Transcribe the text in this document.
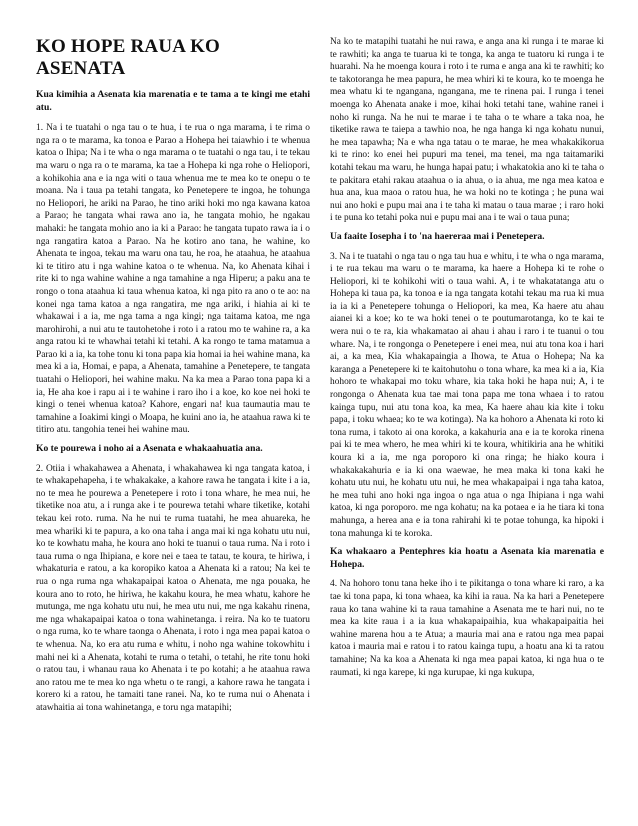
KO HOPE RAUA KO ASENATA
Kua kimihia a Asenata kia marenatia e te tama a te kingi me etahi atu.

1. Na i te tuatahi o nga tau o te hua, i te rua o nga marama, i te rima o nga ra o te marama, ka tonoa e Parao a Hohepa hei taiawhio i te whenua katoa o Ihipa; Na i te wha o nga marama o te tuatahi o nga tau, i te tekau ma waru o nga ra o te marama, ka tae a Hohepa ki nga rohe o Heliopori, a kohikohia ana e ia nga witi o taua whenua me te mea ko te onepu o te moana. Na i taua pa tetahi tangata, ko Penetepere te ingoa, he tohunga no Heliopori, he ariki na Parao, he tino ariki hoki mo nga kawana katoa a Parao; he tangata whai rawa ano ia, he tangata mohio, he ngakau mahaki: he tangata mohio ano ia ki a Parao: he tangata tupato rawa ia i o nga rangatira katoa a Parao. Na he kotiro ano tana, he wahine, ko Ahenata te ingoa, tekau ma waru ona tau, he roa, he ataahua, he ataahua ki te titiro atu i nga wahine katoa o te whenua. Na, ko Ahenata kihai i rite ki to nga wahine wahine a nga tamahine a nga Hiperu; a paku ana te rongo o tona ataahua ki taua whenua katoa, ki nga pito ra ano o te ao: na konei nga tama katoa a nga rangatira, me nga ariki, i hiahia ai ki te whakawai i a ia, me nga tama a nga kingi; nga taitama katoa, me nga marohirohi, a nui atu te tautohetohe i roto i a ratou mo te wahine ra, a ka anga ratou ki te whawhai tetahi ki tetahi. A ka rongo te tama matamua a Parao ki a ia, ka tohe tonu ki tona papa kia homai ia hei wahine mana, ka mea ki a ia, Homai, e papa, a Ahenata, tamahine a Penetepere, te tangata tuatahi o Heliopori, hei wahine maku. Na ka mea a Parao tona papa ki a ia, He aha koe i rapu ai i te wahine i raro iho i a koe, ko koe nei hoki te kingi o tenei whenua katoa? Kahore, engari na! kua taumautia mau te tamahine a Ioakimi kingi o Moapa, he kuini ano ia, he ataahua rawa ki te titiro atu. tangohia tenei hei wahine mau.

Ko te pourewa i noho ai a Asenata e whakaahuatia ana.

2. Otiia i whakahawea a Ahenata, i whakahawea ki nga tangata katoa, i te whakapehapeha, i te whakakake, a kahore rawa he tangata i kite i a ia, no te mea he pourewa a Penetepere i roto i tona whare, he mea nui, he tiketike noa atu, a i runga ake i te pourewa tetahi whare tiketike, kotahi tekau kei roto. ruma. Na he nui te ruma tuatahi, he mea ahuareka, he mea whariki ki te papura, a ko ona taha i anga mai ki nga kohatu utu nui, ko te kowhatu maha, he koura ano hoki te tuanui o taua ruma. Na i roto i taua ruma o nga Ihipiana, e kore nei e taea te tatau, te koura, te hiriwa, i whakaturia e ratou, a ka koropiko katoa a Ahenata ki a ratou; Na kei te rua o nga ruma nga whakapaipai katoa o Ahenata, me nga pouaka, he koura ano to roto, he hiriwa, he kakahu koura, he mea whatu, kahore he mutunga, me nga kohatu utu nui, he mea utu nui, me nga kakahu rinena, me nga whakapaipai katoa o tona wahinetanga. i reira. Na ko te tuatoru o nga ruma, ko te whare taonga o Ahenata, i roto i nga mea papai katoa o te whenua. Na, ko era atu ruma e whitu, i noho nga wahine tokowhitu i mahi nei ki a Ahenata, kotahi te ruma o tetahi, o tetahi, he rite tonu hoki o ratou tau, i whanau raua ko Ahenata i te po kotahi; a he ataahua rawa ano ratou me te mea ko nga whetu o te rangi, a kahore rawa he tangata i korero ki a ratou, he tamaiti tane ranei. Na, ko te ruma nui o Ahenata i atawhaitia ai tona wahinetanga, e toru nga matapihi;

Na ko te matapihi tuatahi he nui rawa, e anga ana ki runga i te marae ki te rawhiti; ka anga te tuarua ki te tonga, ka anga te tuatoru ki runga i te huarahi. Na he moenga koura i roto i te ruma e anga ana ki te rawhiti; ko te takotoranga he mea papura, he mea whiri ki te koura, ko te moenga he mea whatu ki te ngangana, ngangana, me te rinena pai. I runga i tenei moenga ko Ahenata anake i moe, kihai hoki tetahi tane, wahine ranei i noho ki runga. Na he nui te marae i te taha o te whare a taka noa, he tiketike rawa te taiepa a tawhio noa, he nga hanga ki nga kohatu nunui, he mea tapawha; Na e wha nga tatau o te marae, he mea whakakikorua ki te rino: ko enei hei pupuri ma tenei, ma tenei, ma nga taitamariki kotahi tekau ma waru, he hunga hapai patu; i whakatokia ano ki te taha o te pakitara etahi rakau ataahua o ia ahua, o ia ahua, me nga mea katoa e hua ana, kua maoa o ratou hua, he wa hoki no te kotinga ; he puna wai nui ano hoki e pupu mai ana i te taha ki matau o taua marae ; i raro hoki i te puna ko tetahi poka nui e pupu mai ana i te wai o taua puna;

Ua faaite Iosepha i to 'na haereraa mai i Penetepera.

3. Na i te tuatahi o nga tau o nga tau hua e whitu, i te wha o nga marama, i te rua tekau ma waru o te marama, ka haere a Hohepa ki te rohe o Heliopori, ki te kohikohi witi o taua wahi. A, i te whakatatanga atu o Hohepa ki taua pa, ka tonoa e ia nga tangata kotahi tekau ma rua ki mua ia ia ki a Penetepere tohunga o Heliopori, ka mea, Ka haere atu ahau aianei ki a koe; ko te wa hoki tenei o te poutumarotanga, ko te kai te wera nui o te ra, kia whakamatao ai ahau i ahau i raro i te tuanui o tou whare. Na, i te rongonga o Penetepere i enei mea, nui atu tona koa i hari ai, a ka mea, Kia whakapaingia a Ihowa, te Atua o Hohepa; Na ka karanga a Penetepere ki te kaitohutohu o tona whare, ka mea ki a ia, Kia hohoro te whakapai mo toku whare, kia taka hoki he hapa nui; A, i te rongonga o Ahenata kua tae mai tona papa me tona whaea i to ratou kainga tupu, nui atu tona koa, ka mea, Ka haere ahau kia kite i toku papa, i toku whaea; ko te wa kotinga). Na ka hohoro a Ahenata ki roto ki tona ruma, i takoto ai ona koroka, a kakahuria ana e ia te koroka rinena pai ki te mea whero, he mea whiri ki te koura, whitikiria ana he whitiki koura ki a ia, me nga poroporo ki ona ringa; he hiako koura i whakakakahuria e ia ki ona waewae, he mea maka ki tona kaki he kohatu utu nui, he kohatu utu nui, he mea whakapaipai i nga taha katoa, he mea tuhi ano hoki nga ingoa o nga atua o nga Ihipiana i nga wahi katoa, ki nga poroporo. me nga kohatu; na ka potaea e ia he tiara ki tona mahunga, a herea ana e ia tona rahirahi ki te potae tohunga, ka hipoki i tona mahunga ki te koroka.

Ka whakaaro a Pentephres kia hoatu a Asenata kia marenatia e Hohepa.

4. Na hohoro tonu tana heke iho i te pikitanga o tona whare ki raro, a ka tae ki tona papa, ki tona whaea, ka kihi ia raua. Na ka hari a Penetepere raua ko tana wahine ki ta raua tamahine a Asenata me te hari nui, no te mea ka kite raua i a ia kua whakapaipaihia, kua whakapaipaitia hei wahine marena hou a te Atua; a mauria mai ana e ratou nga mea papai katoa i mauria mai e ratou i to ratou kainga tupu, a hoatu ana ki ta ratou tamahine; Na ka koa a Ahenata ki nga mea papai katoa, ki nga hua o te raumati, ki nga karepe, ki nga kurupae, ki nga kukupa,
